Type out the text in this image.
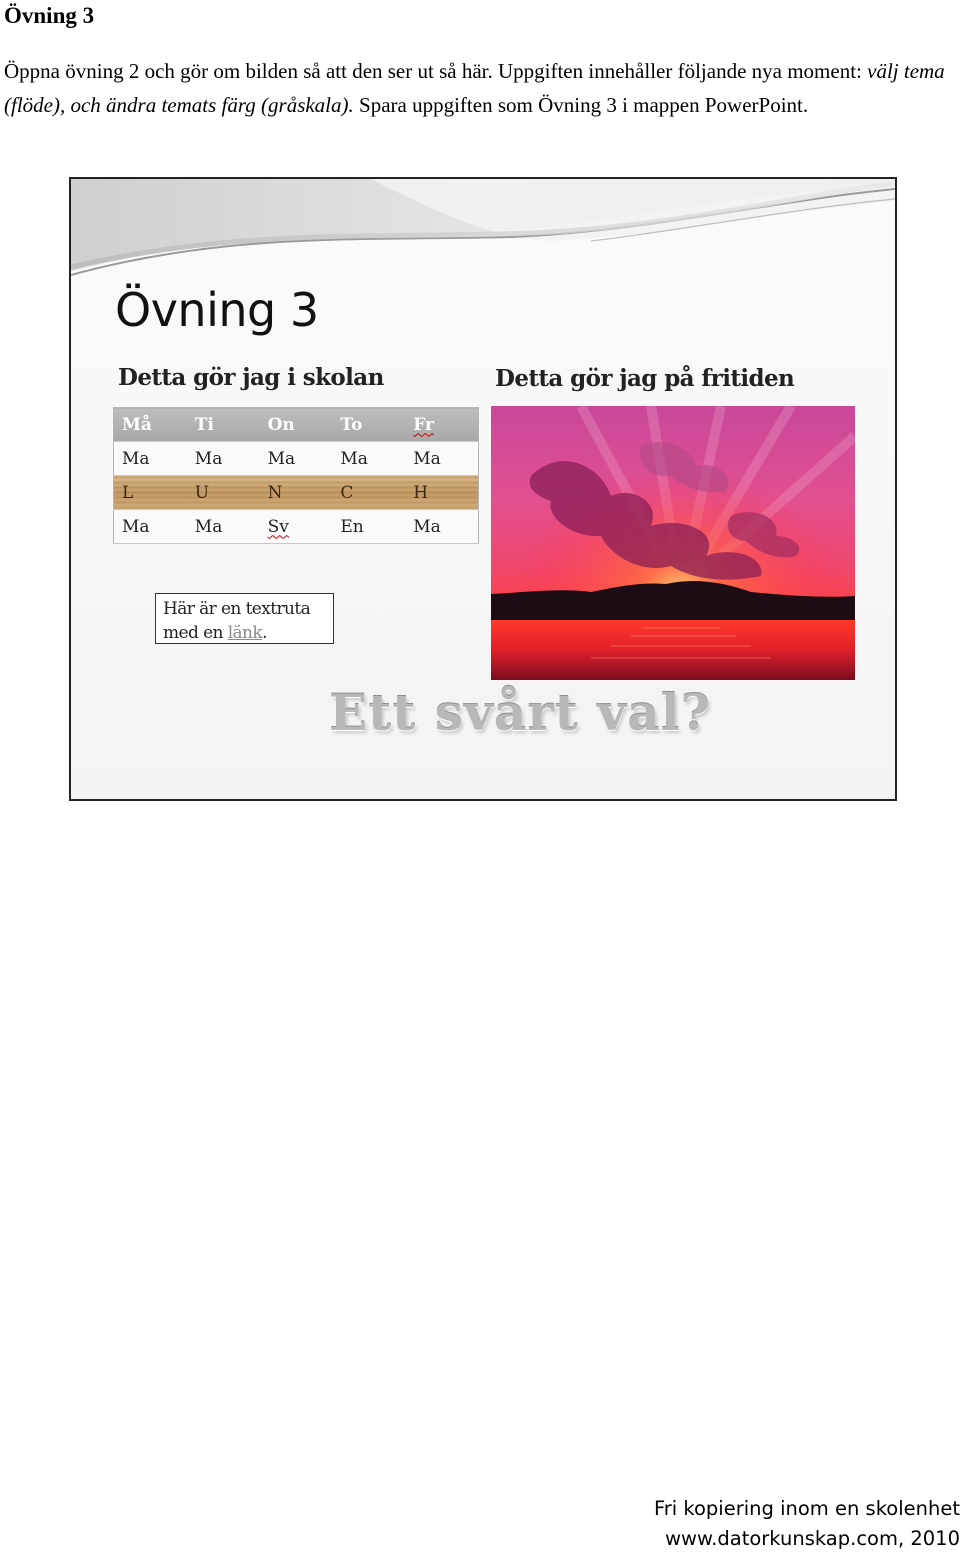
Övning 3

Öppna övning 2 och gör om bilden så att den ser ut så här. Uppgiften innehåller följande nya moment: välj tema (flöde), och ändra temats färg (gråskala). Spara uppgiften som Övning 3 i mappen PowerPoint.

Övning 3
Detta gör jag i skolan	Detta gör jag på fritiden
Må	Ti	On	To	Fr
Ma	Ma	Ma	Ma	Ma
L	U	N	C	H
Ma	Ma	Sv	En	Ma
Här är en textruta
med en länk.

Ett svårt val?

Fri kopiering inom en skolenhet
www.datorkunskap.com, 2010
